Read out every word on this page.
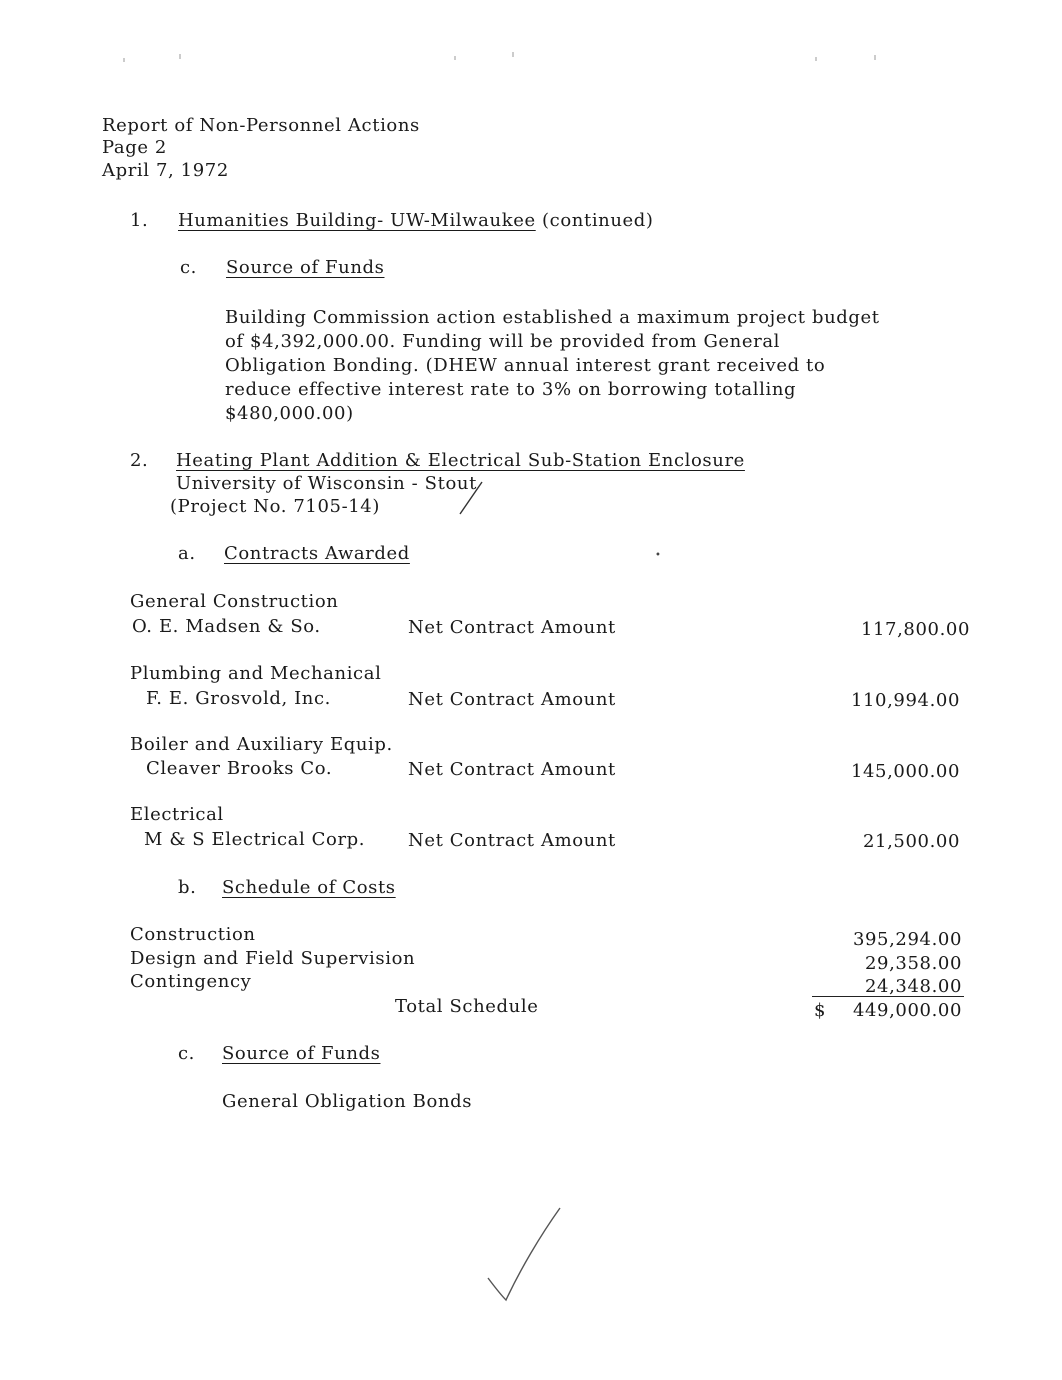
Report of Non-Personnel Actions
Page 2
April 7, 1972
1. Humanities Building- UW-Milwaukee (continued)
c. Source of Funds
Building Commission action established a maximum project budget
of $4,392,000.00. Funding will be provided from General
Obligation Bonding. (DHEW annual interest grant received to
reduce effective interest rate to 3% on borrowing totalling
$480,000.00)
2. Heating Plant Addition & Electrical Sub-Station Enclosure
University of Wisconsin - Stout
(Project No. 7105-14)
a. Contracts Awarded
General Construction
O. E. Madsen & So.	Net Contract Amount	117,800.00
Plumbing and Mechanical
F. E. Grosvold, Inc.	Net Contract Amount	110,994.00
Boiler and Auxiliary Equip.
Cleaver Brooks Co.	Net Contract Amount	145,000.00
Electrical
M & S Electrical Corp. Net Contract Amount	21,500.00
b. Schedule of Costs
Construction	395,294.00
Design and Field Supervision	29,358.00
Contingency	24,348.00
Total Schedule	$	449,000.00
c. Source of Funds
General Obligation Bonds
•
